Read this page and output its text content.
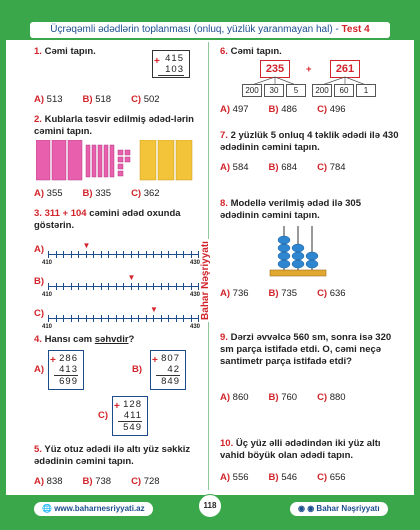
Üçrəqəmli ədədlərin toplanması (onluq, yüzlük yaranmayan hal) - Test 4
Bahar Nəşriyyatı
1. Cəmi tapın.
415
103
+
A) 513 B) 518 C) 502
2. Kublarla təsvir edilmiş ədəd-lərin cəmini tapın.
A) 355 B) 335 C) 362
3. 311 + 104 cəmini ədəd oxunda göstərin.
410	430
410	430
410	430
4. Hansı cəm səhvdir?
A)
286
413
699
B)
807
42
849
C)
128
411
549
+	+
+
5. Yüz otuz ədədi ilə altı yüz səkkiz ədədinin cəmini tapın.
A) 838 B) 738 C) 728
6. Cəmi tapın.
235	+	261
200	30	5	200	60	1
A) 497 B) 486 C) 496
7. 2 yüzlük 5 onluq 4 təklik ədədi ilə 430 ədədinin cəmini tapın.
A) 584 B) 684 C) 784
8. Modellə verilmiş ədəd ilə 305 ədədinin cəmini tapın.
A) 736 B) 735 C) 636
9. Dərzi əvvəlcə 560 sm, sonra isə 320 sm parça istifadə etdi. O, cəmi neçə santimetr parça istifadə etdi?
A) 860 B) 760 C) 880
10. Üç yüz əlli ədədindən iki yüz altı vahid böyük olan ədədi tapın.
A) 556 B) 546 C) 656
🌐 www.baharnesriyyati.az	118	◉ ◉ Bahar Nəşriyyatı
A)	▼
B)	▼
C)	▼
